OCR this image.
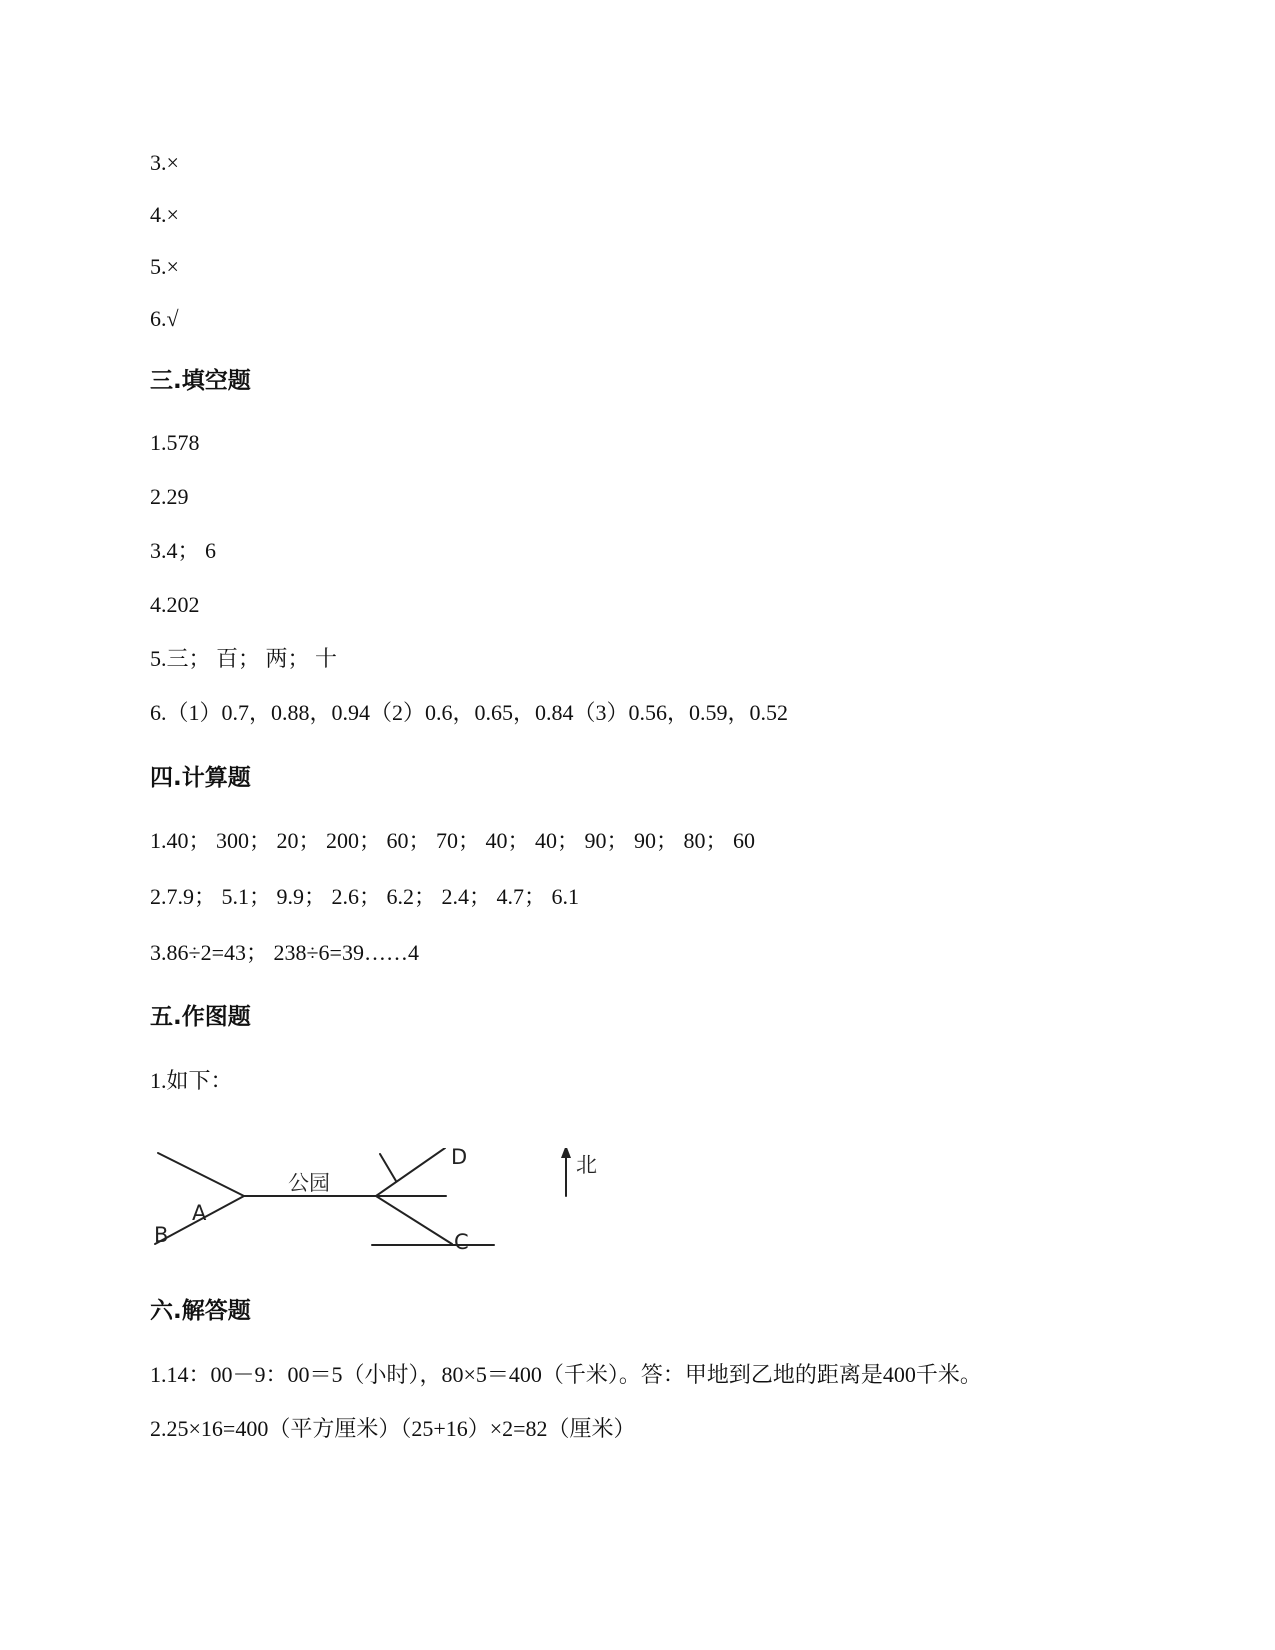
3.×
4.×
5.×
6.√
三.填空题
1.578
2.29
3.4； 6
4.202
5.三； 百； 两； 十
6.（1）0.7，0.88，0.94（2）0.6，0.65，0.84（3）0.56，0.59，0.52
四.计算题
1.40； 300； 20； 200； 60； 70； 40； 40； 90； 90； 80； 60
2.7.9； 5.1； 9.9； 2.6； 6.2； 2.4； 4.7； 6.1
3.86÷2=43； 238÷6=39……4
五.作图题
1.如下：
A
B
公园
D
C
北
六.解答题
1.14：00－9：00＝5（小时），80×5＝400（千米）。答：甲地到乙地的距离是400千米。
2.25×16=400（平方厘米）（25+16）×2=82（厘米）
